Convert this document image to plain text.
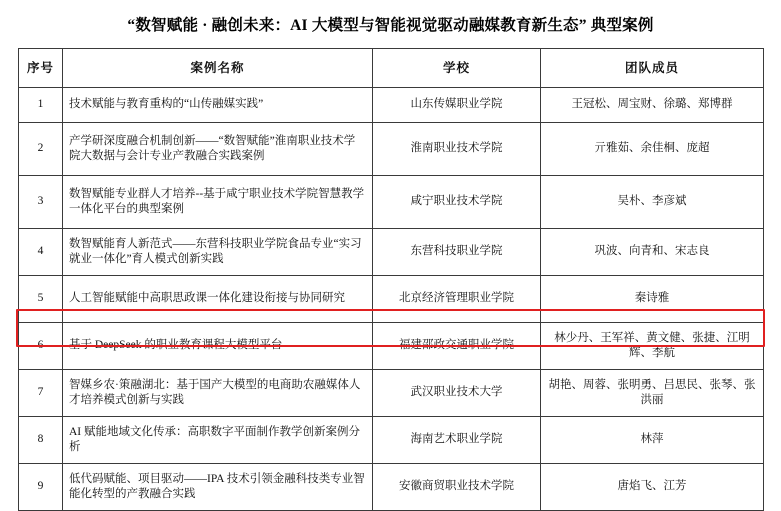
“数智赋能 · 融创未来：AI 大模型与智能视觉驱动融媒教育新生态” 典型案例
序号	案例名称	学校	团队成员
1	技术赋能与教育重构的“山传融媒实践”	山东传媒职业学院	王冠松、周宝财、徐璐、郑博群
2	产学研深度融合机制创新——“数智赋能”淮南职业技术学院大数据与会计专业产教融合实践案例	淮南职业技术学院	亓雅茹、余佳桐、庞超
3	数智赋能专业群人才培养--基于咸宁职业技术学院智慧教学一体化平台的典型案例	咸宁职业技术学院	吴朴、李彦斌
4	数智赋能育人新范式——东营科技职业学院食品专业“实习就业一体化”育人模式创新实践	东营科技职业学院	巩波、向青和、宋志良
5	人工智能赋能中高职思政课一体化建设衔接与协同研究	北京经济管理职业学院	秦诗雅
6	基于 DeepSeek 的职业教育课程大模型平台	福建邵政交通职业学院	林少丹、王军祥、黄文健、张捷、江明辉、李航
7	智媒乡农·策融湖北：基于国产大模型的电商助农融媒体人才培养模式创新与实践	武汉职业技术大学	胡艳、周蓉、张明勇、吕思民、张琴、张洪丽
8	AI 赋能地域文化传承：高职数字平面制作教学创新案例分析	海南艺术职业学院	林萍
9	低代码赋能、项目驱动——IPA 技术引领金融科技类专业智能化转型的产教融合实践	安徽商贸职业技术学院	唐焰飞、江芳
